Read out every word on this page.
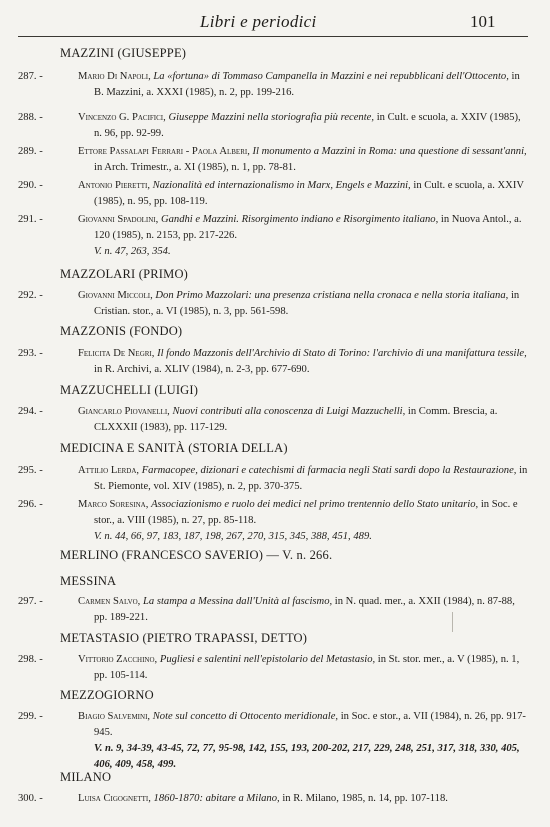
Libri e periodici	101
MAZZINI (GIUSEPPE)
287. -	Mario Di Napoli, La «fortuna» di Tommaso Campanella in Mazzini e nei repubblicani dell'Ottocento, in B. Mazzini, a. XXXI (1985), n. 2, pp. 199-216.
288. -	Vincenzo G. Pacifici, Giuseppe Mazzini nella storiografia più recente, in Cult. e scuola, a. XXIV (1985), n. 96, pp. 92-99.
289. -	Ettore Passalapi Ferrari - Paola Alberi, Il monumento a Mazzini in Roma: una questione di sessant'anni, in Arch. Trimestr., a. XI (1985), n. 1, pp. 78-81.
290. -	Antonio Pieretti, Nazionalità ed internazionalismo in Marx, Engels e Mazzini, in Cult. e scuola, a. XXIV (1985), n. 95, pp. 108-119.
291. -	Giovanni Spadolini, Gandhi e Mazzini. Risorgimento indiano e Risorgimento italiano, in Nuova Antol., a. 120 (1985), n. 2153, pp. 217-226.
V. n. 47, 263, 354.
MAZZOLARI (PRIMO)
292. -	Giovanni Miccoli, Don Primo Mazzolari: una presenza cristiana nella cronaca e nella storia italiana, in Cristian. stor., a. VI (1985), n. 3, pp. 561-598.
MAZZONIS (FONDO)
293. -	Felicita De Negri, Il fondo Mazzonis dell'Archivio di Stato di Torino: l'archivio di una manifattura tessile, in R. Archivi, a. XLIV (1984), n. 2-3, pp. 677-690.
MAZZUCHELLI (LUIGI)
294. -	Giancarlo Piovanelli, Nuovi contributi alla conoscenza di Luigi Mazzuchelli, in Comm. Brescia, a. CLXXXII (1983), pp. 117-129.
MEDICINA E SANITÀ (STORIA DELLA)
295. -	Attilio Lerda, Farmacopee, dizionari e catechismi di farmacia negli Stati sardi dopo la Restaurazione, in St. Piemonte, vol. XIV (1985), n. 2, pp. 370-375.
296. -	Marco Soresina, Associazionismo e ruolo dei medici nel primo trentennio dello Stato unitario, in Soc. e stor., a. VIII (1985), n. 27, pp. 85-118.
V. n. 44, 66, 97, 183, 187, 198, 267, 270, 315, 345, 388, 451, 489.
MERLINO (FRANCESCO SAVERIO) — V. n. 266.
MESSINA
297. -	Carmen Salvo, La stampa a Messina dall'Unità al fascismo, in N. quad. mer., a. XXII (1984), n. 87-88, pp. 189-221.
METASTASIO (PIETRO TRAPASSI, DETTO)
298. -	Vittorio Zacchino, Pugliesi e salentini nell'epistolario del Metastasio, in St. stor. mer., a. V (1985), n. 1, pp. 105-114.
MEZZOGIORNO
299. -	Biagio Salvemini, Note sul concetto di Ottocento meridionale, in Soc. e stor., a. VII (1984), n. 26, pp. 917-945.
V. n. 9, 34-39, 43-45, 72, 77, 95-98, 142, 155, 193, 200-202, 217, 229, 248, 251, 317, 318, 330, 405, 406, 409, 458, 499.
MILANO
300. -	Luisa Cigognetti, 1860-1870: abitare a Milano, in R. Milano, 1985, n. 14, pp. 107-118.
